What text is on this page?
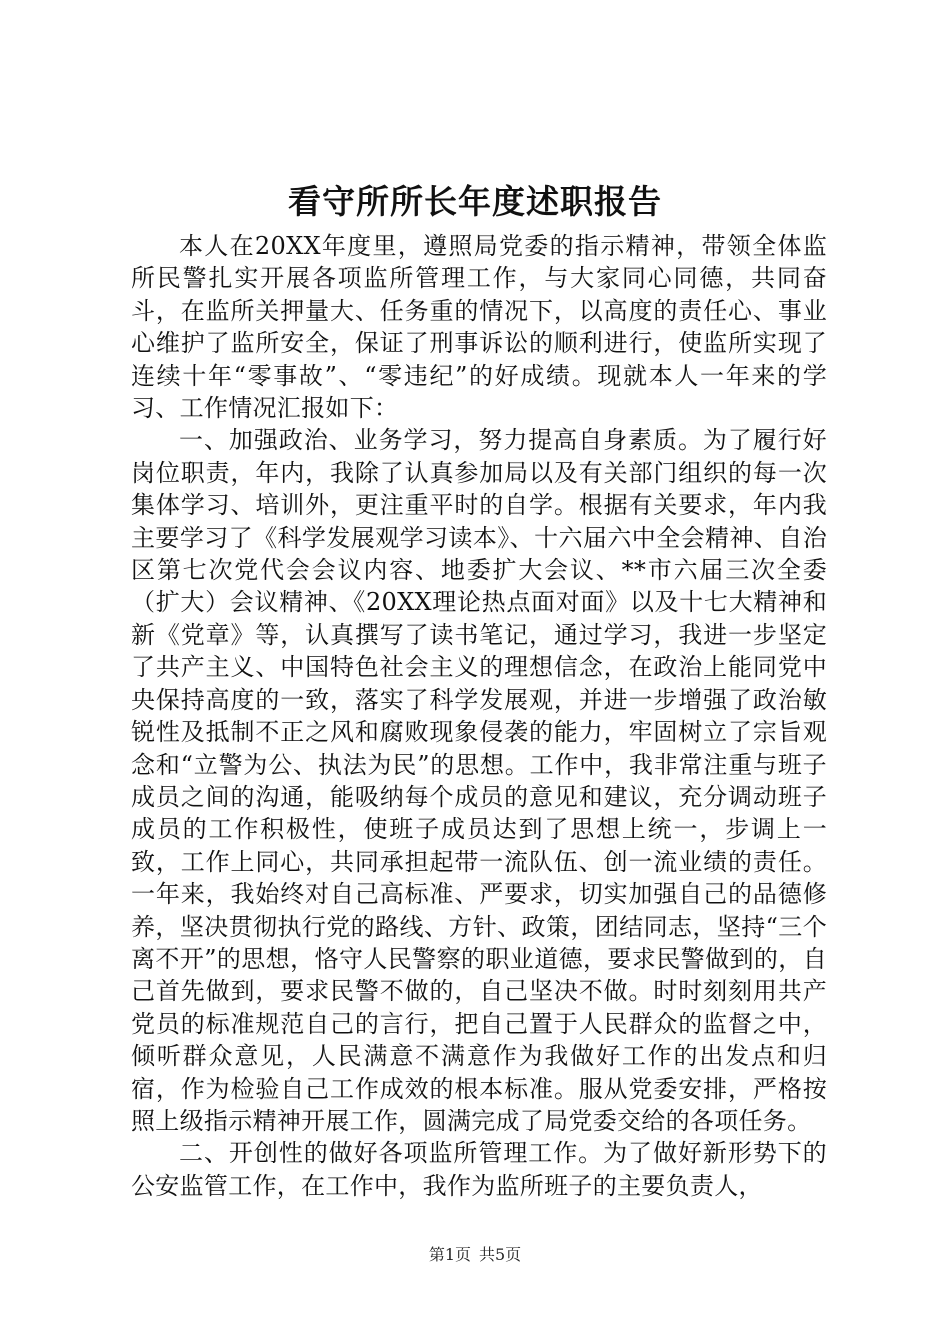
看守所所长年度述职报告

本人在20XX年度里，遵照局党委的指示精神，带领全体监所民警扎实开展各项监所管理工作，与大家同心同德，共同奋斗，在监所关押量大、任务重的情况下，以高度的责任心、事业心维护了监所安全，保证了刑事诉讼的顺利进行，使监所实现了连续十年“零事故”、“零违纪”的好成绩。现就本人一年来的学习、工作情况汇报如下：

一、加强政治、业务学习，努力提高自身素质。为了履行好岗位职责，年内，我除了认真参加局以及有关部门组织的每一次集体学习、培训外，更注重平时的自学。根据有关要求，年内我主要学习了《科学发展观学习读本》、十六届六中全会精神、自治区第七次党代会会议内容、地委扩大会议、**市六届三次全委（扩大）会议精神、《20XX理论热点面对面》以及十七大精神和新《党章》等，认真撰写了读书笔记，通过学习，我进一步坚定了共产主义、中国特色社会主义的理想信念，在政治上能同党中央保持高度的一致，落实了科学发展观，并进一步增强了政治敏锐性及抵制不正之风和腐败现象侵袭的能力，牢固树立了宗旨观念和“立警为公、执法为民”的思想。工作中，我非常注重与班子成员之间的沟通，能吸纳每个成员的意见和建议，充分调动班子成员的工作积极性，使班子成员达到了思想上统一，步调上一致，工作上同心，共同承担起带一流队伍、创一流业绩的责任。一年来，我始终对自己高标准、严要求，切实加强自己的品德修养，坚决贯彻执行党的路线、方针、政策，团结同志，坚持“三个离不开”的思想，恪守人民警察的职业道德，要求民警做到的，自己首先做到，要求民警不做的，自己坚决不做。时时刻刻用共产党员的标准规范自己的言行，把自己置于人民群众的监督之中，倾听群众意见，人民满意不满意作为我做好工作的出发点和归宿，作为检验自己工作成效的根本标准。服从党委安排，严格按照上级指示精神开展工作，圆满完成了局党委交给的各项任务。

二、开创性的做好各项监所管理工作。为了做好新形势下的公安监管工作，在工作中，我作为监所班子的主要负责人，

第1页 共5页
